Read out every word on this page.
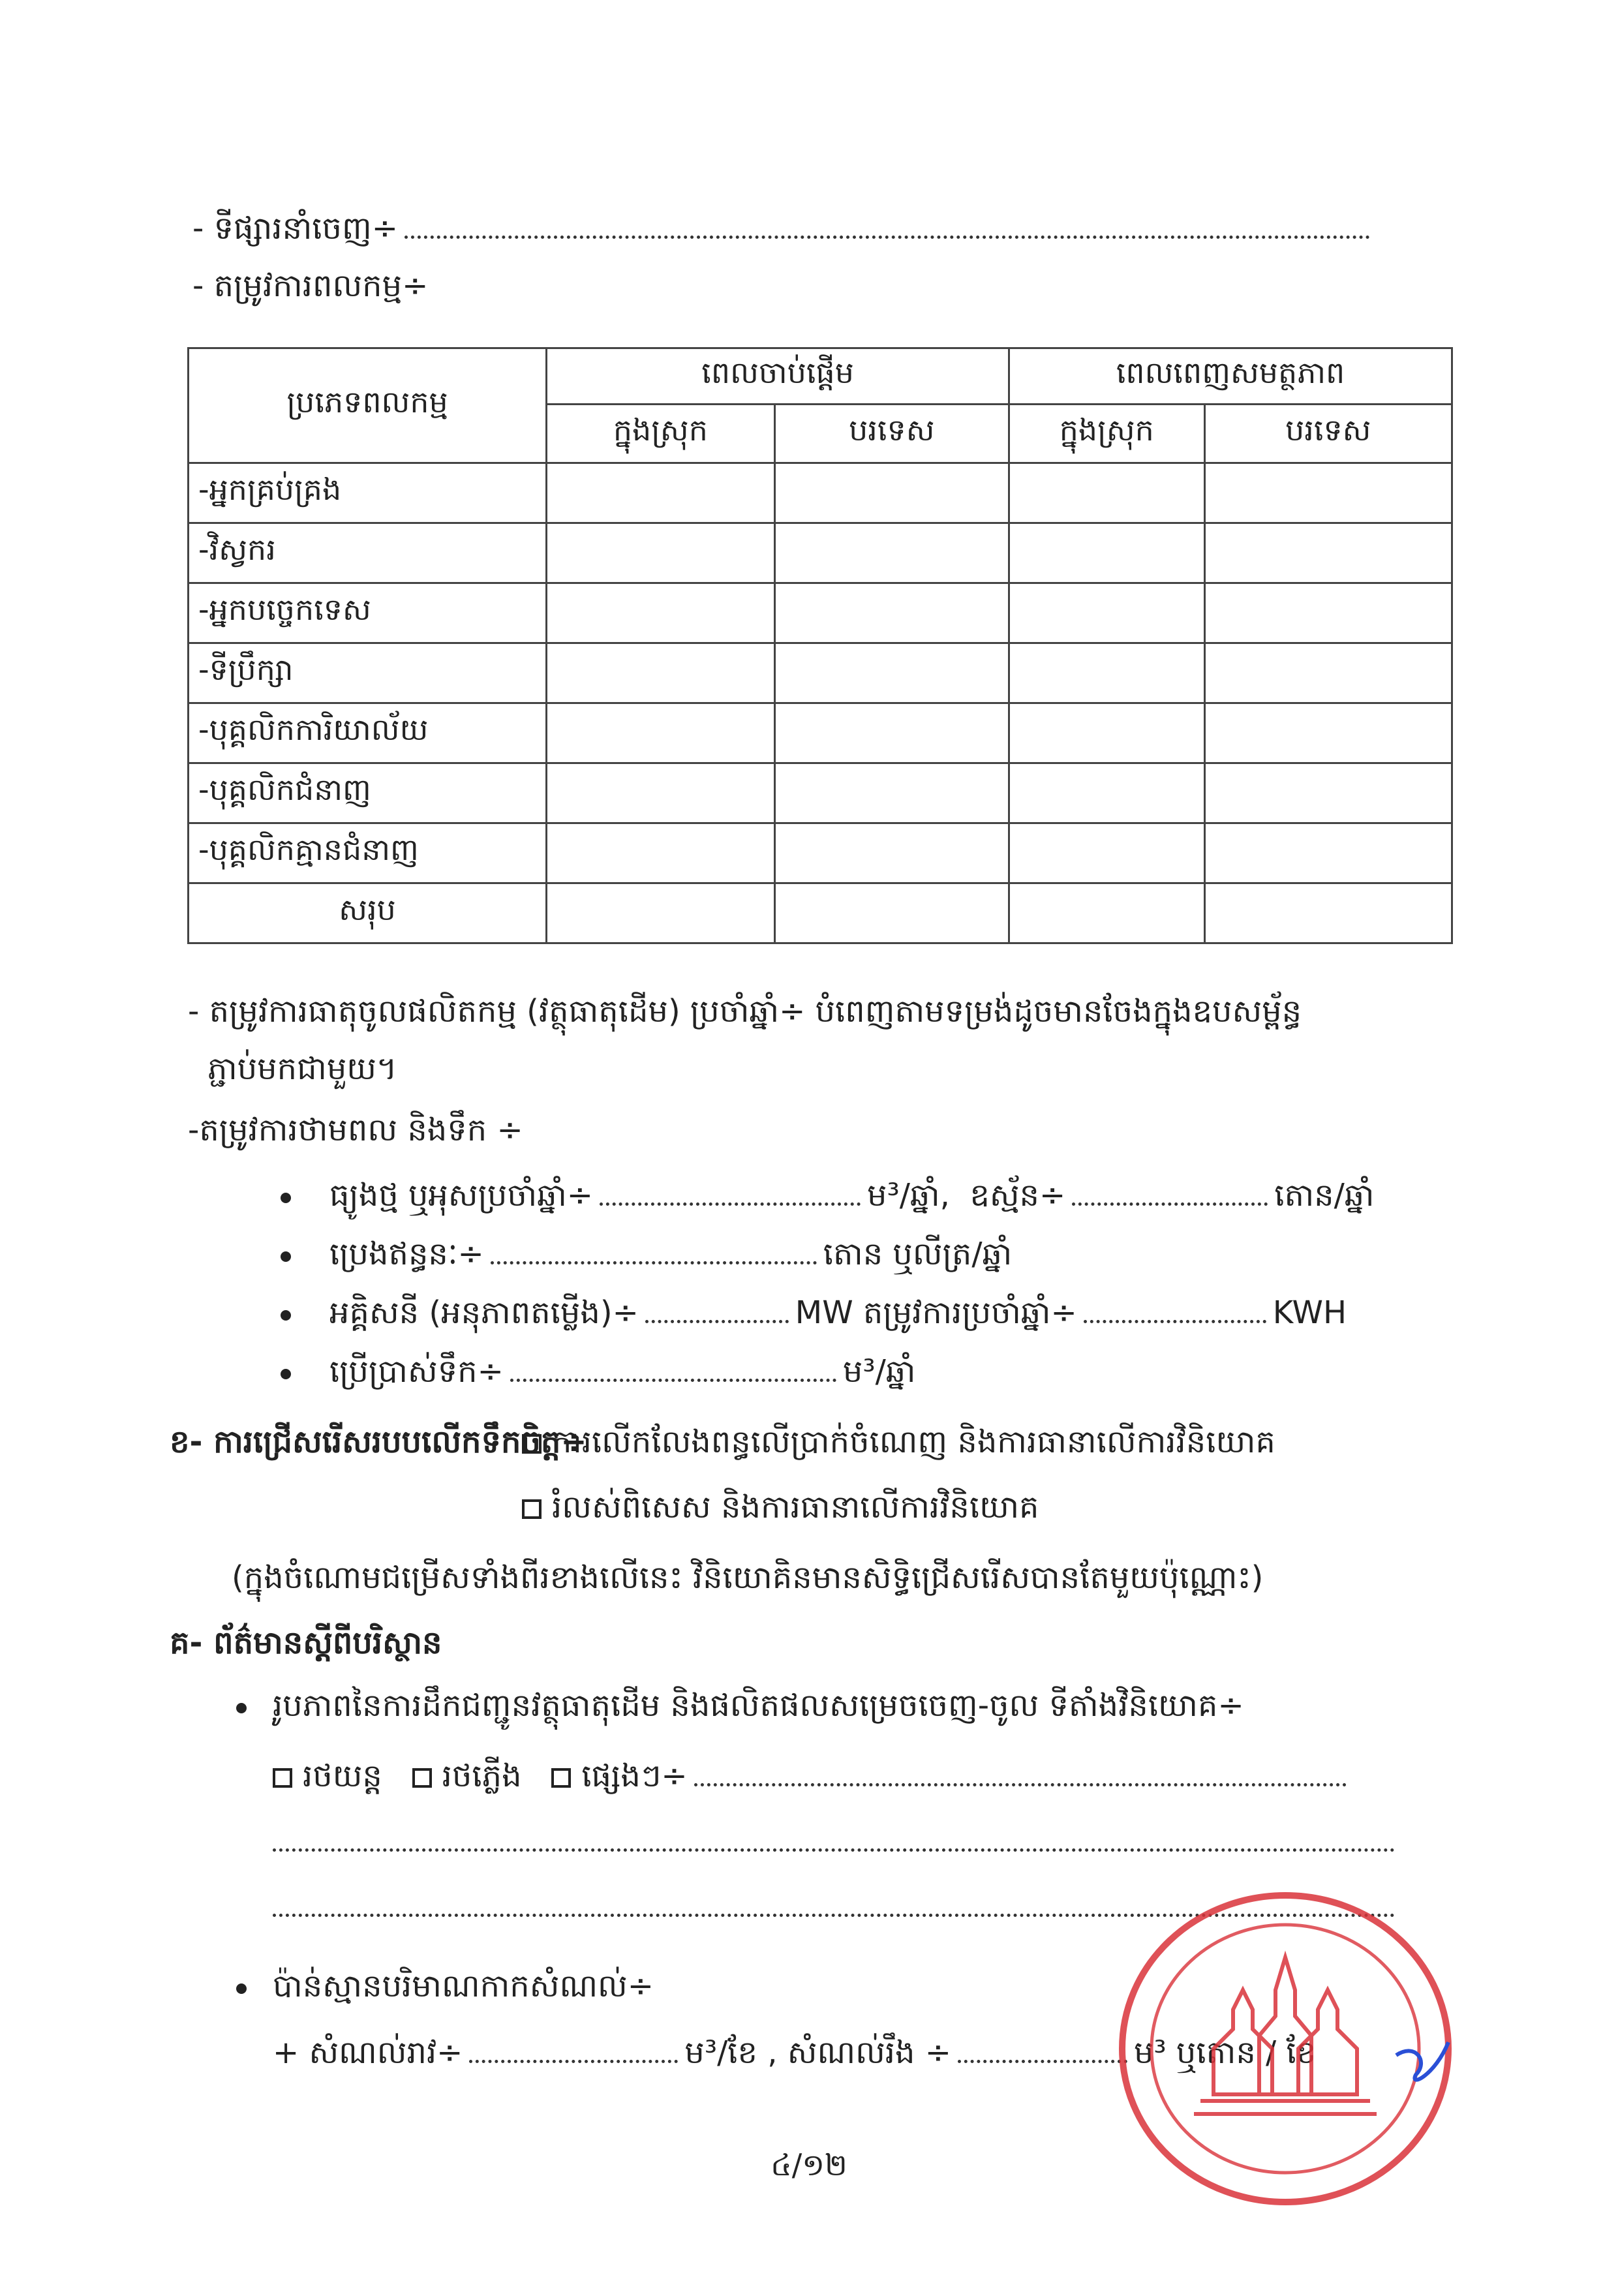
- ទីផ្សារនាំចេញ÷
- តម្រូវការពលកម្ម÷
ប្រភេទពលកម្ម	ពេលចាប់ផ្តើម		ពេលពេញសមត្ថភាព	
	ក្នុងស្រុក	បរទេស	ក្នុងស្រុក	បរទេស
-អ្នកគ្រប់គ្រង				
-វិស្វករ				
-អ្នកបច្ចេកទេស				
-ទីប្រឹក្សា				
-បុគ្គលិកការិយាល័យ				
-បុគ្គលិកជំនាញ				
-បុគ្គលិកគ្មានជំនាញ				
សរុប				
- តម្រូវការធាតុចូលផលិតកម្ម (វត្ថុធាតុដើម) ប្រចាំឆ្នាំ÷ បំពេញតាមទម្រង់ដូចមានចែងក្នុងឧបសម្ព័ន្ធ
ភ្ជាប់មកជាមួយ។
-តម្រូវការថាមពល និងទឹក ÷
ធ្យូងថ្ម ឬអុសប្រចាំឆ្នាំ÷	ម³/ឆ្នាំ, ឧស្ម័ន÷	តោន/ឆ្នាំ
ប្រេងឥន្ធនៈ÷	តោន ឬលីត្រ/ឆ្នាំ
អគ្គិសនី (អនុភាពតម្លើង)÷	MW តម្រូវការប្រចាំឆ្នាំ÷	KWH
ប្រើប្រាស់ទឹក÷	ម³/ឆ្នាំ
ខ- ការជ្រើសរើសរបបលើកទឹកចិត្ត÷
ការលើកលែងពន្ធលើប្រាក់ចំណេញ និងការធានាលើការវិនិយោគ
រំលស់ពិសេស និងការធានាលើការវិនិយោគ
(ក្នុងចំណោមជម្រើសទាំងពីរខាងលើនេះ វិនិយោគិនមានសិទ្ធិជ្រើសរើសបានតែមួយប៉ុណ្ណោះ)
គ- ព័ត៌មានស្តីពីបរិស្ថាន
រូបភាពនៃការដឹកជញ្ជូនវត្ថុធាតុដើម និងផលិតផលសម្រេចចេញ-ចូល ទីតាំងវិនិយោគ÷
រថយន្ត រថភ្លើង ផ្សេងៗ÷
ប៉ាន់ស្មានបរិមាណកាកសំណល់÷
+ សំណល់រាវ÷	ម³/ខែ , សំណល់រឹង ÷	ម³ ឬតោន / ខែ
៤/១២
